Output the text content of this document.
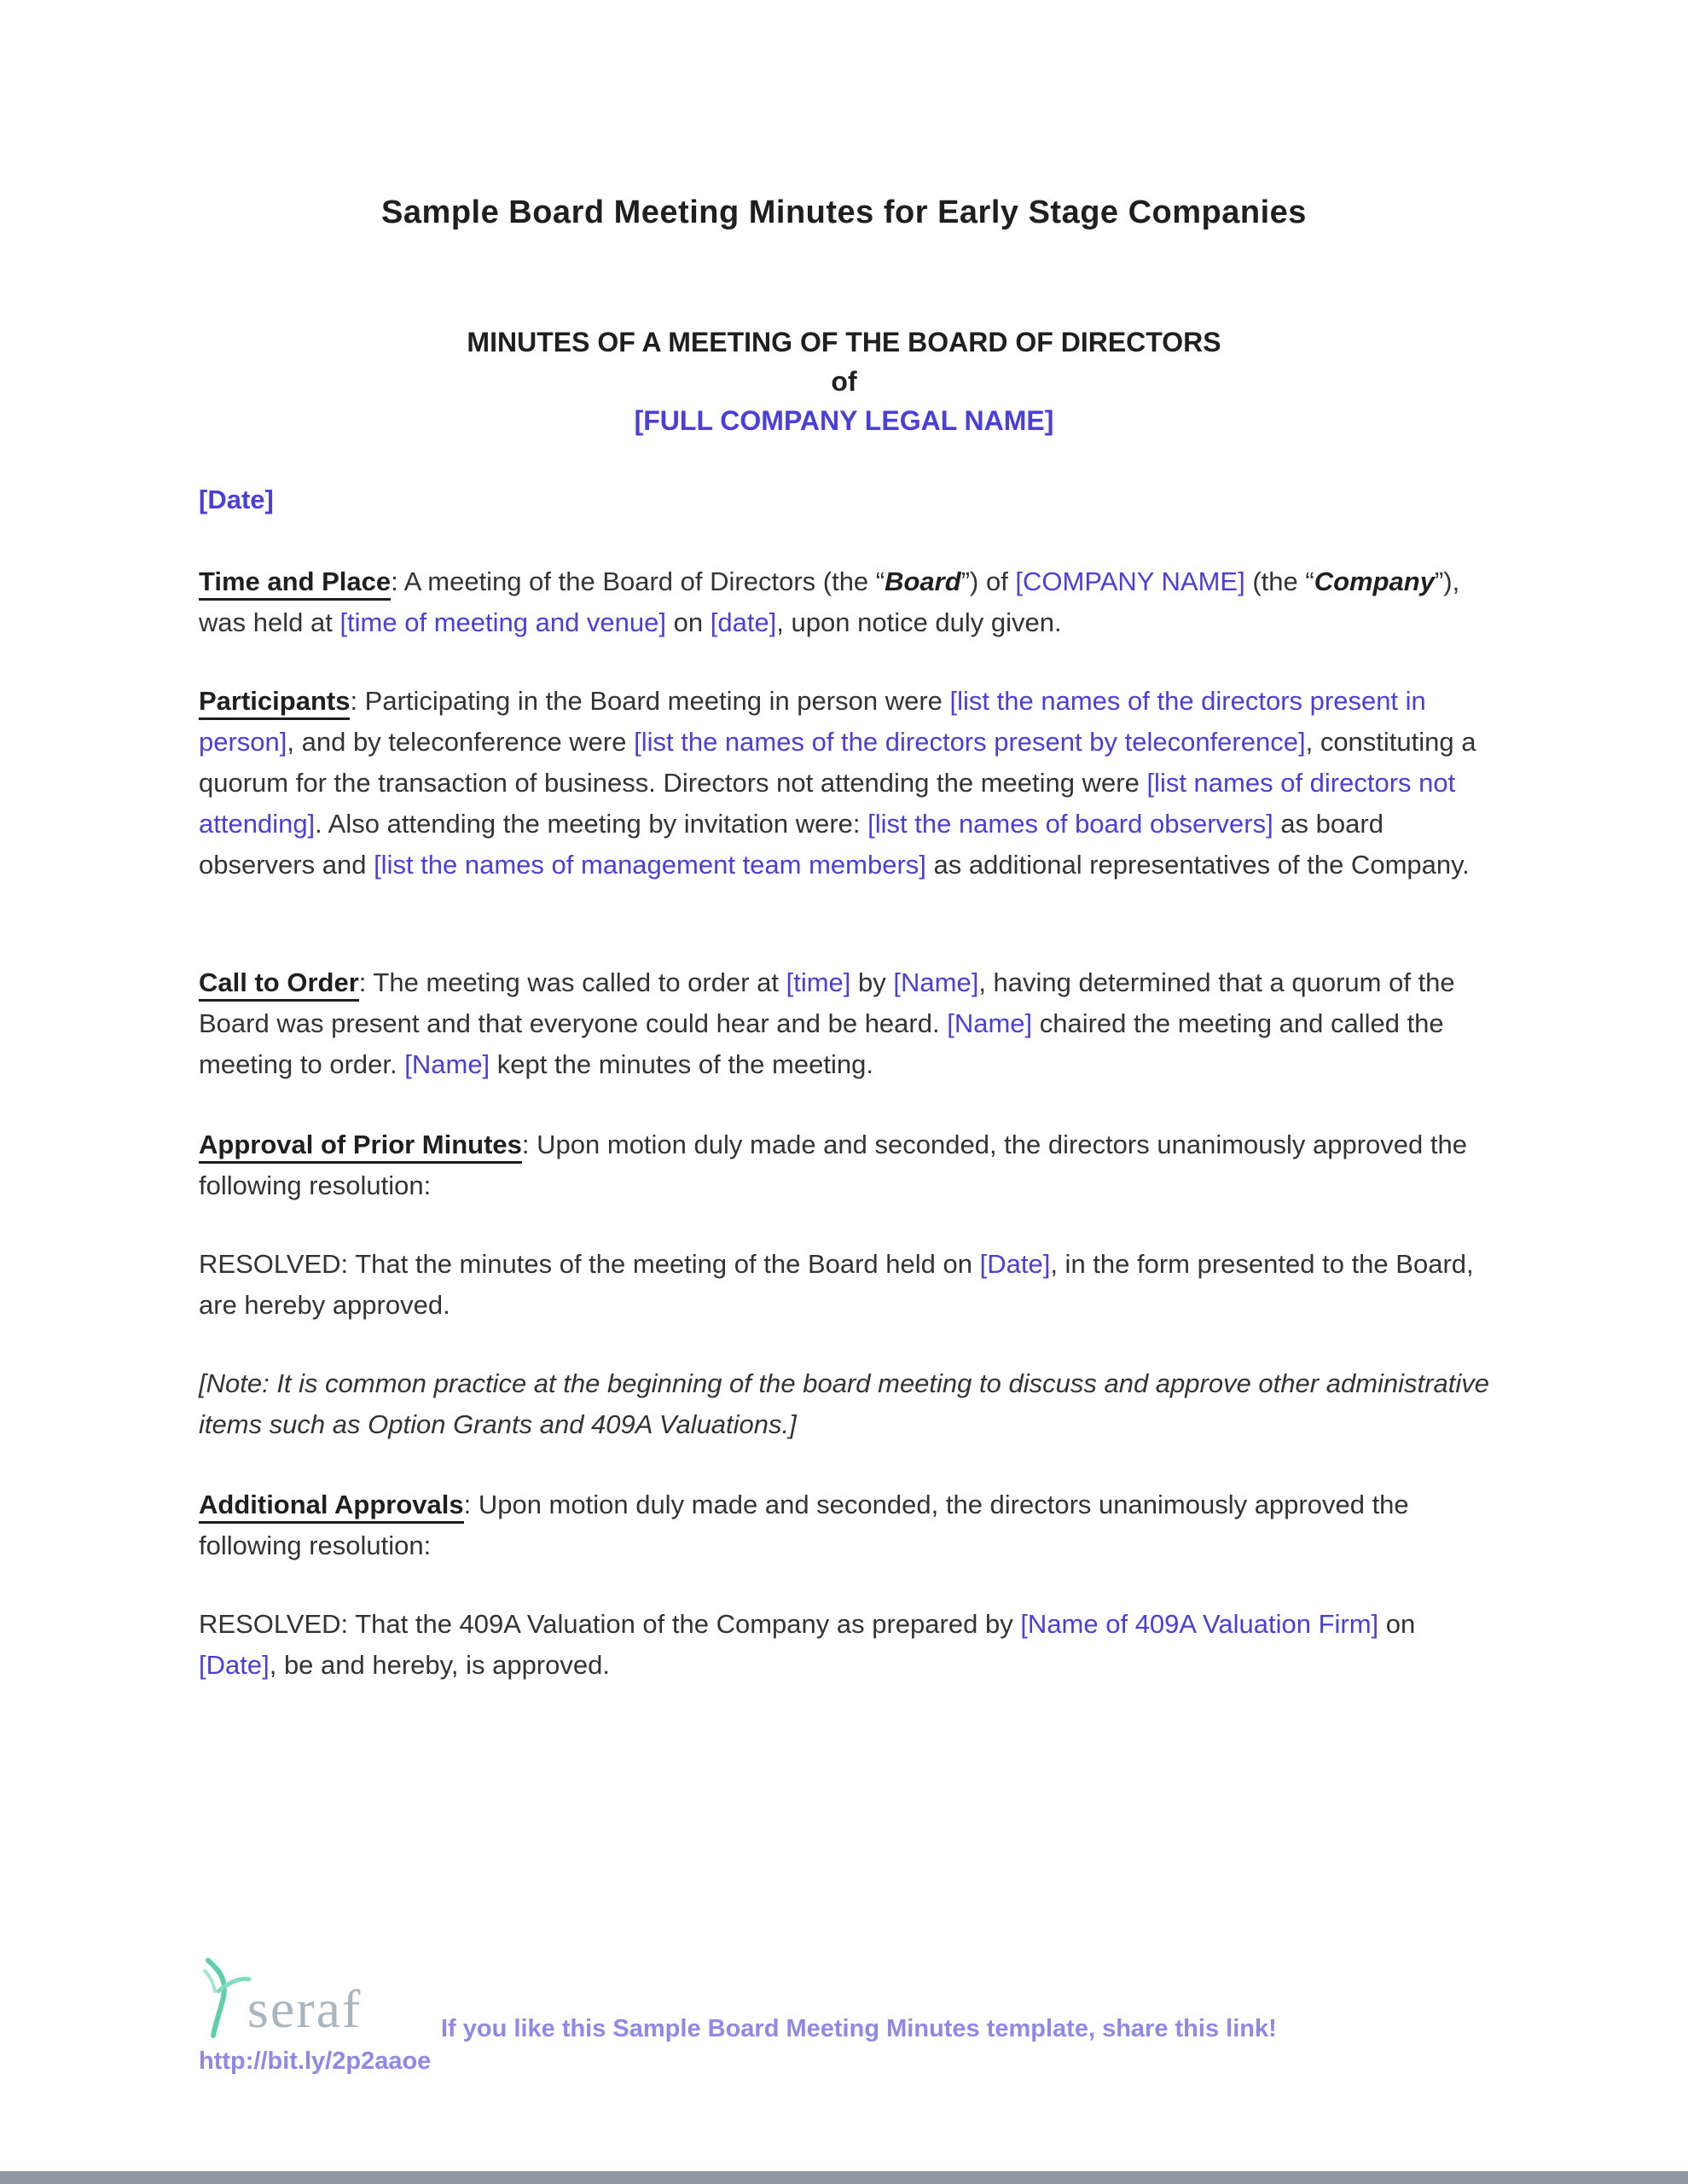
Sample Board Meeting Minutes for Early Stage Companies
MINUTES OF A MEETING OF THE BOARD OF DIRECTORS
of
[FULL COMPANY LEGAL NAME]
[Date]
Time and Place: A meeting of the Board of Directors (the “Board”) of [COMPANY NAME] (the “Company”), was held at [time of meeting and venue] on [date], upon notice duly given.
Participants: Participating in the Board meeting in person were [list the names of the directors present in person], and by teleconference were [list the names of the directors present by teleconference], constituting a quorum for the transaction of business. Directors not attending the meeting were [list names of directors not attending]. Also attending the meeting by invitation were: [list the names of board observers] as board observers and [list the names of management team members] as additional representatives of the Company.
Call to Order: The meeting was called to order at [time] by [Name], having determined that a quorum of the Board was present and that everyone could hear and be heard. [Name] chaired the meeting and called the meeting to order. [Name] kept the minutes of the meeting.
Approval of Prior Minutes: Upon motion duly made and seconded, the directors unanimously approved the following resolution:
RESOLVED: That the minutes of the meeting of the Board held on [Date], in the form presented to the Board, are hereby approved.
[Note: It is common practice at the beginning of the board meeting to discuss and approve other administrative items such as Option Grants and 409A Valuations.]
Additional Approvals: Upon motion duly made and seconded, the directors unanimously approved the following resolution:
RESOLVED: That the 409A Valuation of the Company as prepared by [Name of 409A Valuation Firm] on [Date], be and hereby, is approved.
seraf	If you like this Sample Board Meeting Minutes template, share this link!
http://bit.ly/2p2aaoe
